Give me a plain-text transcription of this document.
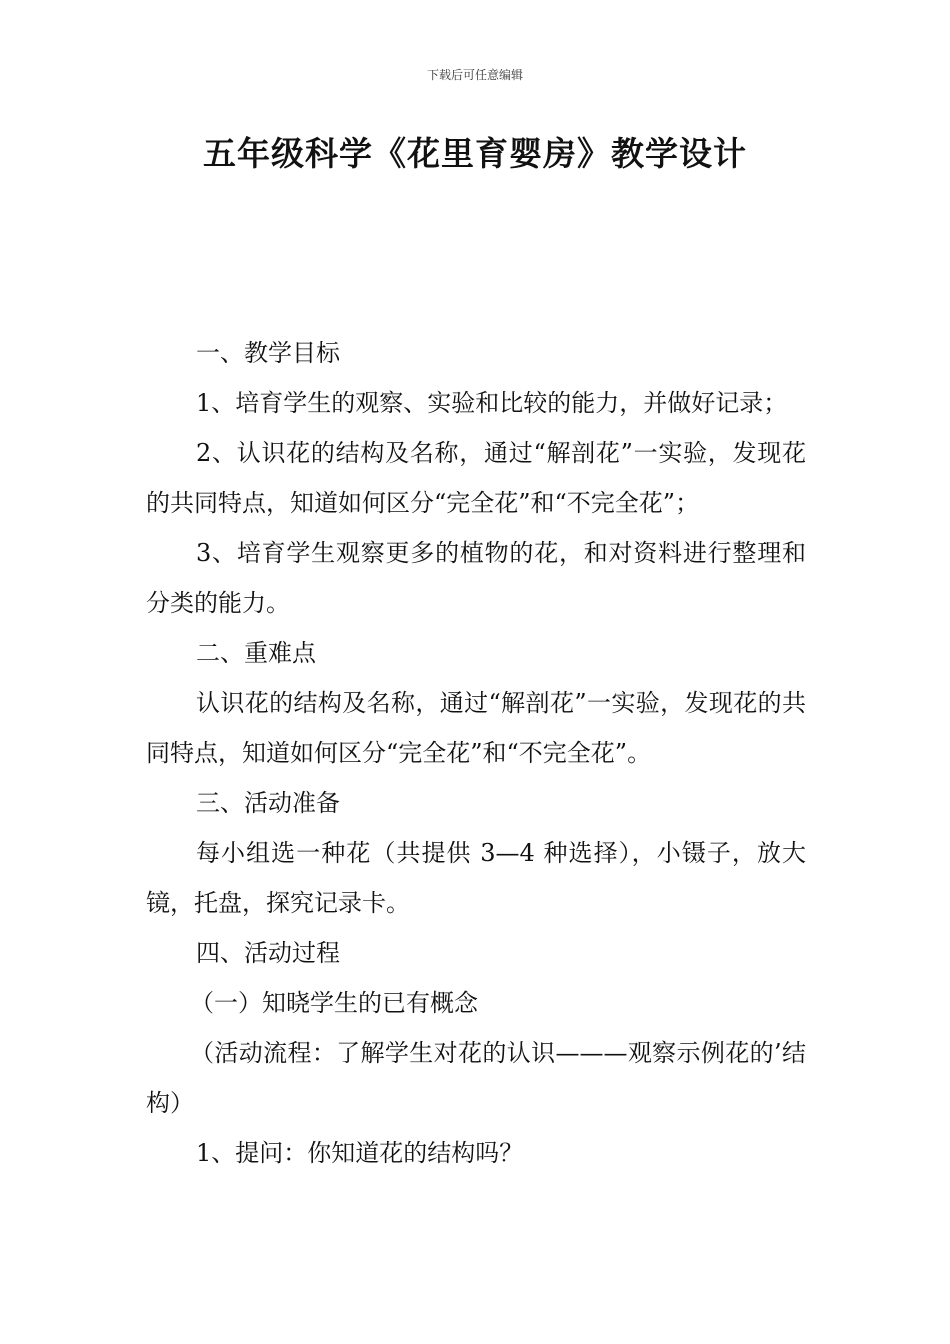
下载后可任意编辑
五年级科学《花里育婴房》教学设计

一、教学目标

1、培育学生的观察、实验和比较的能力，并做好记录；

2、认识花的结构及名称，通过“解剖花”一实验，发现花的共同特点，知道如何区分“完全花”和“不完全花”；

3、培育学生观察更多的植物的花，和对资料进行整理和分类的能力。

二、重难点

认识花的结构及名称，通过“解剖花”一实验，发现花的共同特点，知道如何区分“完全花”和“不完全花”。

三、活动准备

每小组选一种花（共提供 3—4 种选择），小镊子，放大镜，托盘，探究记录卡。

四、活动过程

（一）知晓学生的已有概念

（活动流程：了解学生对花的认识———观察示例花的’结构）

1、提问：你知道花的结构吗？
